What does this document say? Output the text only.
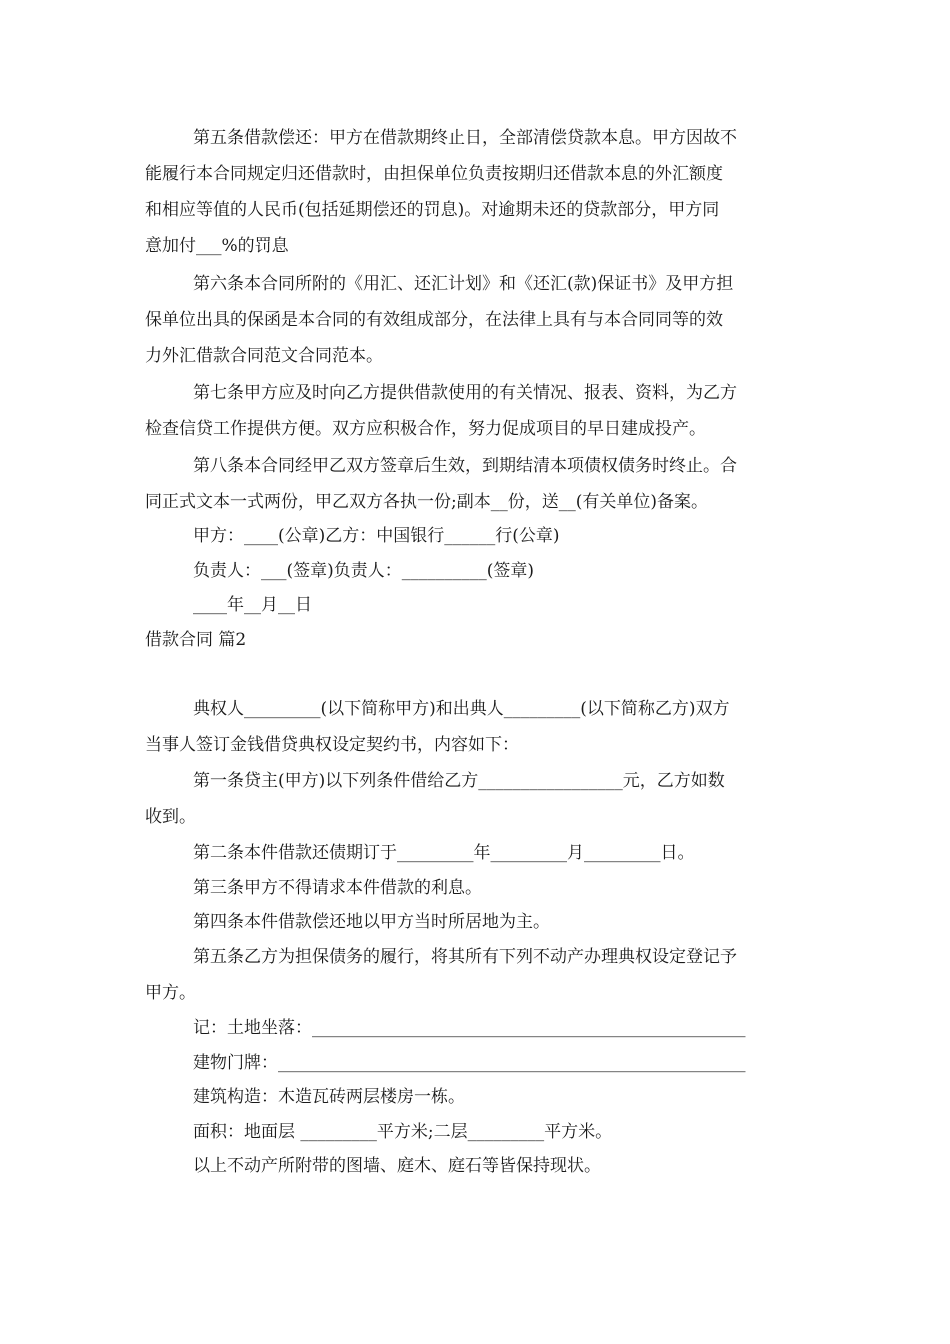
第五条借款偿还：甲方在借款期终止日，全部清偿贷款本息。甲方因故不
能履行本合同规定归还借款时，由担保单位负责按期归还借款本息的外汇额度
和相应等值的人民币(包括延期偿还的罚息)。对逾期未还的贷款部分，甲方同
意加付___%的罚息
第六条本合同所附的《用汇、还汇计划》和《还汇(款)保证书》及甲方担
保单位出具的保函是本合同的有效组成部分，在法律上具有与本合同同等的效
力外汇借款合同范文合同范本。
第七条甲方应及时向乙方提供借款使用的有关情况、报表、资料，为乙方
检查信贷工作提供方便。双方应积极合作，努力促成项目的早日建成投产。
第八条本合同经甲乙双方签章后生效，到期结清本项债权债务时终止。合
同正式文本一式两份，甲乙双方各执一份;副本__份，送__(有关单位)备案。
甲方：____(公章)乙方：中国银行______行(公章)
负责人：___(签章)负责人：__________(签章)
____年__月__日
借款合同 篇2
典权人_________(以下简称甲方)和出典人_________(以下简称乙方)双方
当事人签订金钱借贷典权设定契约书，内容如下：
第一条贷主(甲方)以下列条件借给乙方_________________元，乙方如数
收到。
第二条本件借款还债期订于_________年_________月_________日。
第三条甲方不得请求本件借款的利息。
第四条本件借款偿还地以甲方当时所居地为主。
第五条乙方为担保债务的履行，将其所有下列不动产办理典权设定登记予
甲方。
记：土地坐落：___________________________________________________
建物门牌：_______________________________________________________
建筑构造：木造瓦砖两层楼房一栋。
面积：地面层 _________平方米;二层_________平方米。
以上不动产所附带的图墙、庭木、庭石等皆保持现状。
